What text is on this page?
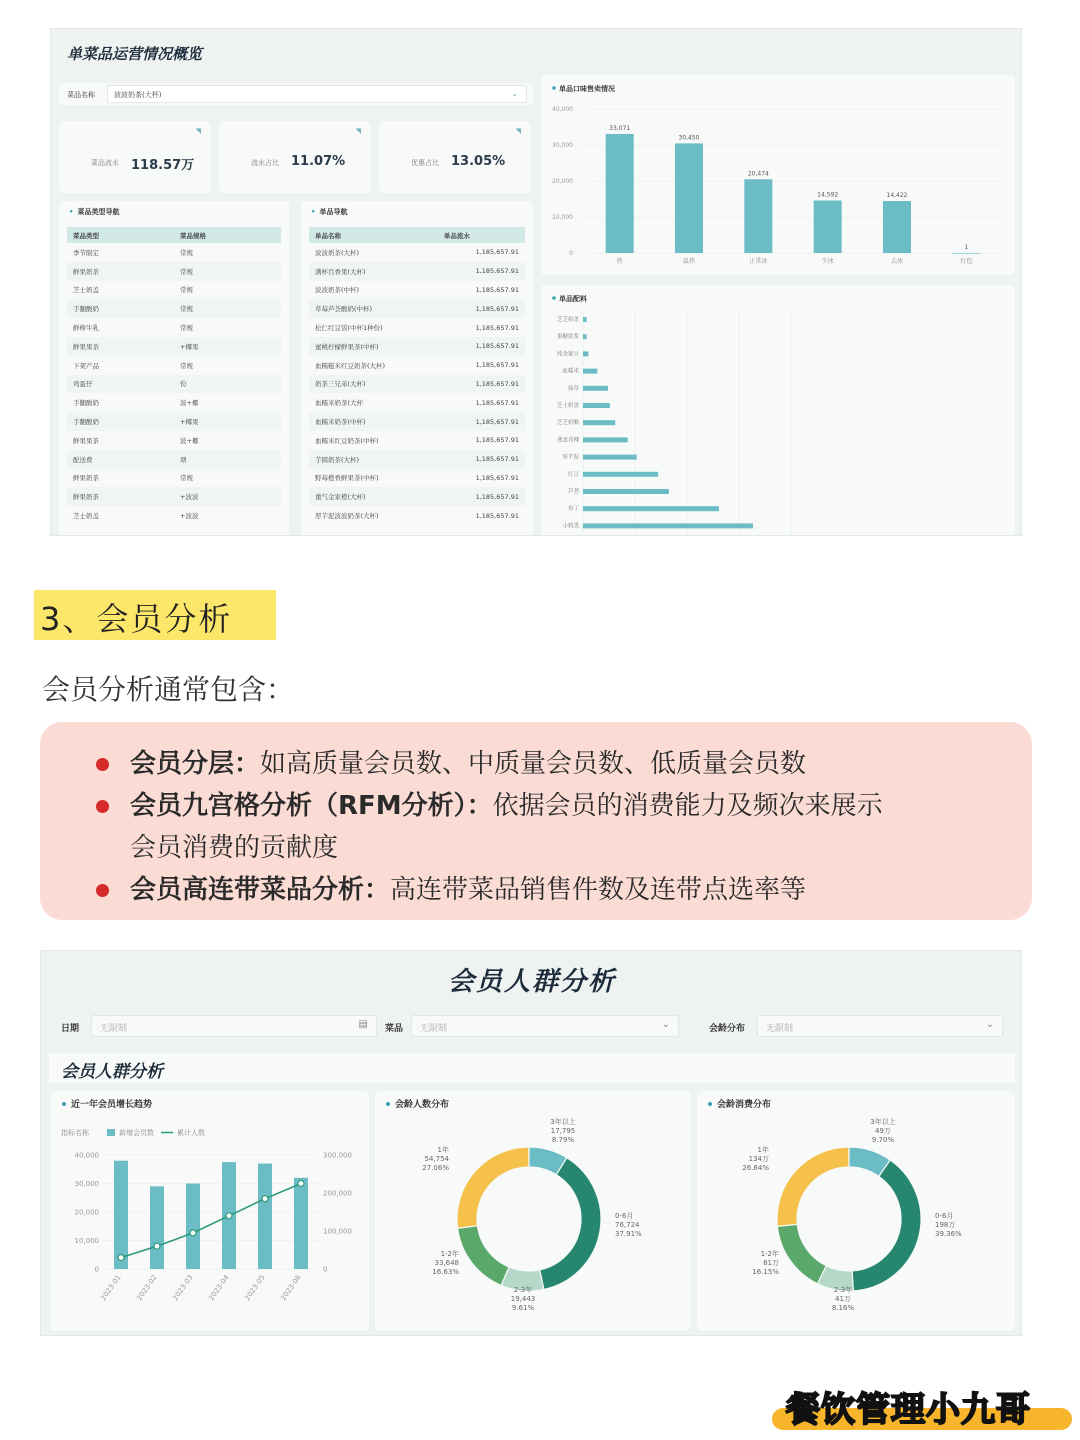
单菜品运营情况概览
菜品名称	波波奶茶(大杯)	⌄
◥
菜品流水 118.57万
◥
流水占比 11.07%
◥
优惠占比 13.05%
• 菜品类型导航
菜品类型	菜品规格
季节限定	常规
鲜果奶茶	常规
芝士奶盖	常规
手翻酸奶	常规
鲜榨牛乳	常规
鲜果果茶	+椰果
下架产品	常规
鸡蛋仔	份
手翻酸奶	波+椰
手翻酸奶	+椰果
鲜果果茶	波+椰
配送费	项
鲜果奶茶	常规
鲜果奶茶	+波波
芝士奶盖	+波波
• 单品导航
单品名称	单品流水
波波奶茶(大杯)	1,185,657.91
满杯百香果(大杯)	1,185,657.91
波波奶茶(中杯)	1,185,657.91
草莓芦荟酸奶(中杯)	1,185,657.91
松仁红豆饭(中杯1种份)	1,185,657.91
蜜桃柠檬鲜果茶(中杯)	1,185,657.91
血糯糍米红豆奶茶(大杯)	1,185,657.91
奶茶三兄弟(大杯)	1,185,657.91
血糯米奶茶(大杯	1,185,657.91
血糯米奶茶(中杯)	1,185,657.91
血糯米红豆奶茶(中杯)	1,185,657.91
芋圆奶茶(大杯)	1,185,657.91
野莓橙香鲜果茶(中杯)	1,185,657.91
重气金家橙(大杯)	1,185,657.91
厚芋泥波波奶茶(大杯)	1,185,657.91
单品口味售卖情况
40,000
30,000
20,000
10,000
0
33,071
热
30,450
温热
20,474
正常冰
14,592
少冰
14,422
去冰
1
打包
单品配料
芝芝奶盖
果糖底浆
纯金蜜豆
血糯米
仙草
芝士奶盖
芝芝奶酪
燕麦青稞
厚芋泥
红豆
芦荟
布丁
小料类
3、会员分析
会员分析通常包含：
会员分层：如高质量会员数、中质量会员数、低质量会员数
会员九宫格分析（RFM分析）：依据会员的消费能力及频次来展示
会员消费的贡献度
会员高连带菜品分析：高连带菜品销售件数及连带点选率等
会员人群分析
日期 无限制	▤ 菜品 无限制	⌄	会龄分布 无限制	⌄
会员人群分析
近一年会员增长趋势
指标名称	新增会员数	累计人数
40,000
30,000
20,000
10,000
0
300,000
200,000
100,000
0
2023-01 2023-02 2023-03 2023-04 2023-05 2023-06
会龄人数分布
0-6月
76,724
37.91%
2-3年
19,443
9.61%
1-2年
33,648
16.63%
1年
54,754
27.06%
3年以上
17,795
8.79%
会龄消费分布
0-6月
198万
39.36%
2-3年
41万
8.16%
1-2年
81万
16.15%
1年
134万
26.64%
3年以上
49万
9.70%
餐饮管理小九哥
